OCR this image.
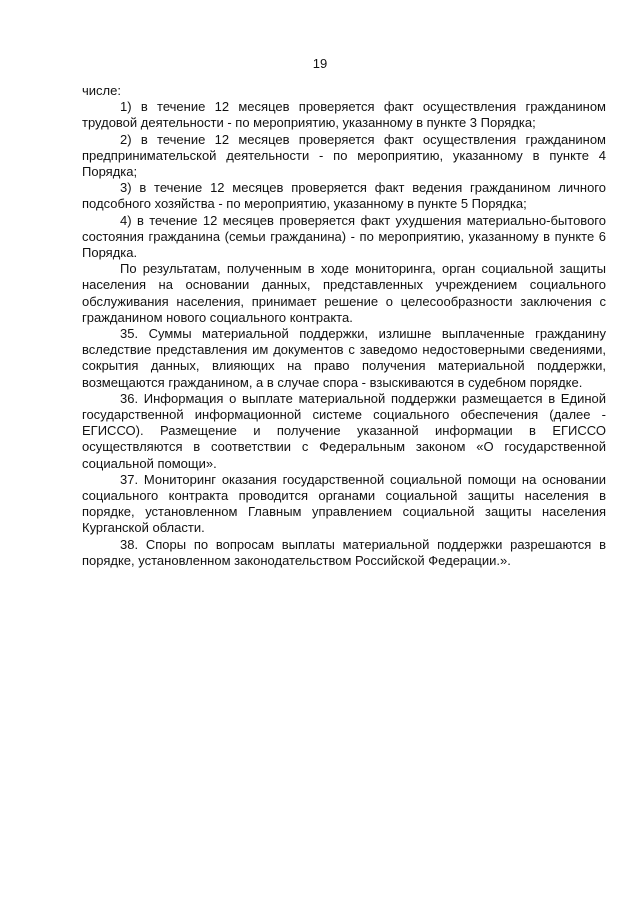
19

числе:

1) в течение 12 месяцев проверяется факт осуществления гражданином трудовой деятельности - по мероприятию, указанному в пункте 3 Порядка;

2) в течение 12 месяцев проверяется факт осуществления гражданином предпринимательской деятельности - по мероприятию, указанному в пункте 4 Порядка;

3) в течение 12 месяцев проверяется факт ведения гражданином личного подсобного хозяйства - по мероприятию, указанному в пункте 5 Порядка;

4) в течение 12 месяцев проверяется факт ухудшения материально-бытового состояния гражданина (семьи гражданина) - по мероприятию, указанному в пункте 6 Порядка.

По результатам, полученным в ходе мониторинга, орган социальной защиты населения на основании данных, представленных учреждением социального обслуживания населения, принимает решение о целесообразности заключения с гражданином нового социального контракта.

35. Суммы материальной поддержки, излишне выплаченные гражданину вследствие представления им документов с заведомо недостоверными сведениями, сокрытия данных, влияющих на право получения материальной поддержки, возмещаются гражданином, а в случае спора - взыскиваются в судебном порядке.

36. Информация о выплате материальной поддержки размещается в Единой государственной информационной системе социального обеспечения (далее - ЕГИССО). Размещение и получение указанной информации в ЕГИССО осуществляются в соответствии с Федеральным законом «О государственной социальной помощи».

37. Мониторинг оказания государственной социальной помощи на основании социального контракта проводится органами социальной защиты населения в порядке, установленном Главным управлением социальной защиты населения Курганской области.

38. Споры по вопросам выплаты материальной поддержки разрешаются в порядке, установленном законодательством Российской Федерации.».
